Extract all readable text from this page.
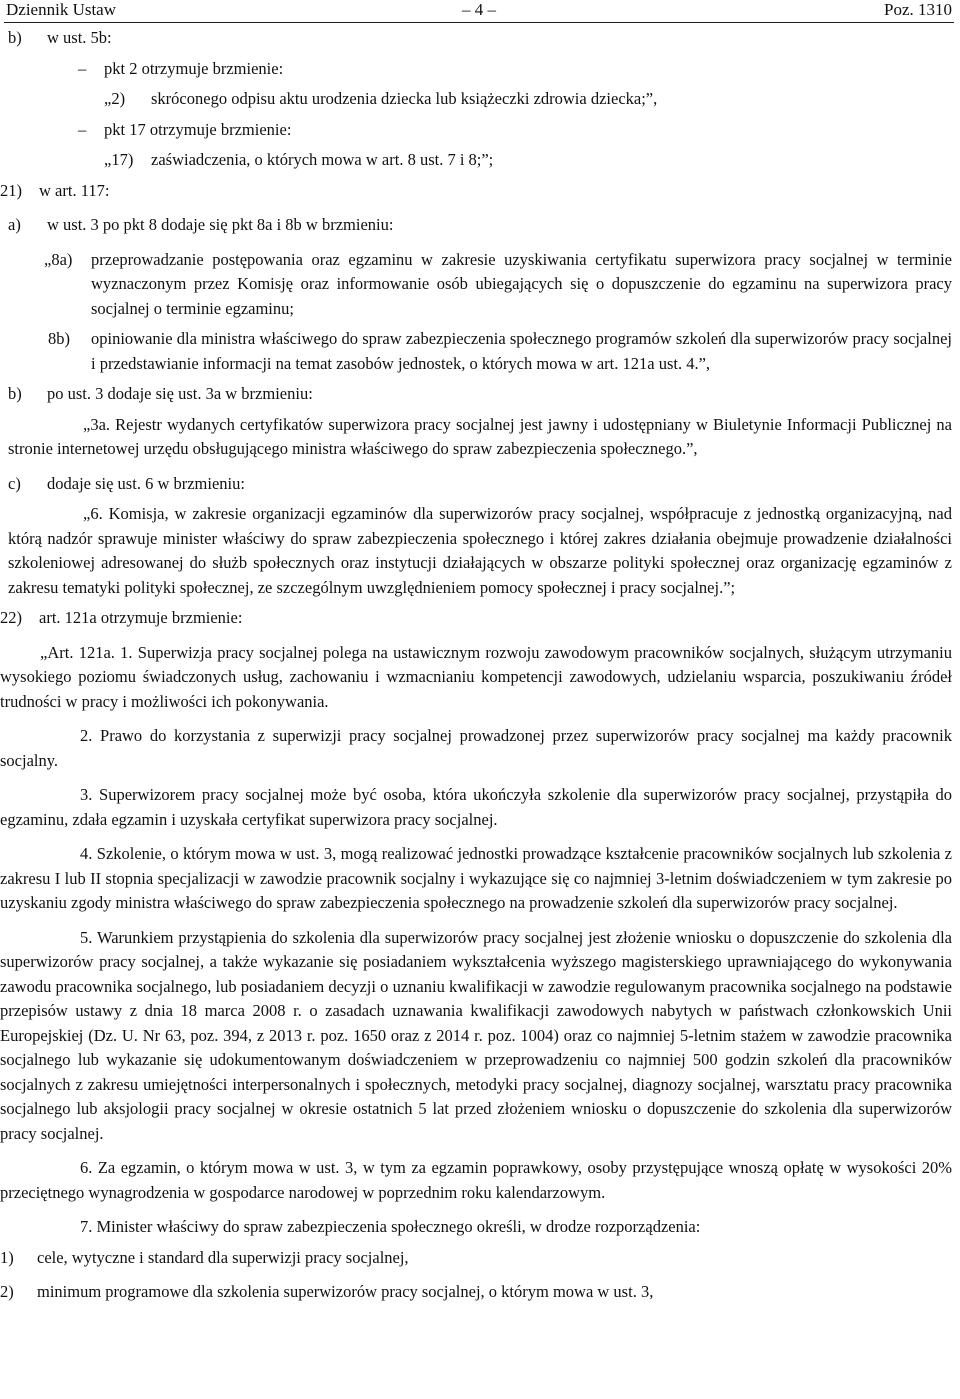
Dziennik Ustaw	– 4 –	Poz. 1310
b) w ust. 5b:
– pkt 2 otrzymuje brzmienie:
„2) skróconego odpisu aktu urodzenia dziecka lub książeczki zdrowia dziecka;”,
– pkt 17 otrzymuje brzmienie:
„17) zaświadczenia, o których mowa w art. 8 ust. 7 i 8;”;
21) w art. 117:
a) w ust. 3 po pkt 8 dodaje się pkt 8a i 8b w brzmieniu:
„8a) przeprowadzanie postępowania oraz egzaminu w zakresie uzyskiwania certyfikatu superwizora pracy socjalnej w terminie wyznaczonym przez Komisję oraz informowanie osób ubiegających się o dopuszczenie do egzaminu na superwizora pracy socjalnej o terminie egzaminu;
8b) opiniowanie dla ministra właściwego do spraw zabezpieczenia społecznego programów szkoleń dla superwizorów pracy socjalnej i przedstawianie informacji na temat zasobów jednostek, o których mowa w art. 121a ust. 4.”,
b) po ust. 3 dodaje się ust. 3a w brzmieniu:

„3a. Rejestr wydanych certyfikatów superwizora pracy socjalnej jest jawny i udostępniany w Biuletynie Informacji Publicznej na stronie internetowej urzędu obsługującego ministra właściwego do spraw zabezpieczenia społecznego.”,

c) dodaje się ust. 6 w brzmieniu:

„6. Komisja, w zakresie organizacji egzaminów dla superwizorów pracy socjalnej, współpracuje z jednostką organizacyjną, nad którą nadzór sprawuje minister właściwy do spraw zabezpieczenia społecznego i której zakres działania obejmuje prowadzenie działalności szkoleniowej adresowanej do służb społecznych oraz instytucji działających w obszarze polityki społecznej oraz organizację egzaminów z zakresu tematyki polityki społecznej, ze szczególnym uwzględnieniem pomocy społecznej i pracy socjalnej.”;

22) art. 121a otrzymuje brzmienie:

„Art. 121a. 1. Superwizja pracy socjalnej polega na ustawicznym rozwoju zawodowym pracowników socjalnych, służącym utrzymaniu wysokiego poziomu świadczonych usług, zachowaniu i wzmacnianiu kompetencji zawodowych, udzielaniu wsparcia, poszukiwaniu źródeł trudności w pracy i możliwości ich pokonywania.

2. Prawo do korzystania z superwizji pracy socjalnej prowadzonej przez superwizorów pracy socjalnej ma każdy pracownik socjalny.

3. Superwizorem pracy socjalnej może być osoba, która ukończyła szkolenie dla superwizorów pracy socjalnej, przystąpiła do egzaminu, zdała egzamin i uzyskała certyfikat superwizora pracy socjalnej.

4. Szkolenie, o którym mowa w ust. 3, mogą realizować jednostki prowadzące kształcenie pracowników socjalnych lub szkolenia z zakresu I lub II stopnia specjalizacji w zawodzie pracownik socjalny i wykazujące się co najmniej 3-letnim doświadczeniem w tym zakresie po uzyskaniu zgody ministra właściwego do spraw zabezpieczenia społecznego na prowadzenie szkoleń dla superwizorów pracy socjalnej.

5. Warunkiem przystąpienia do szkolenia dla superwizorów pracy socjalnej jest złożenie wniosku o dopuszczenie do szkolenia dla superwizorów pracy socjalnej, a także wykazanie się posiadaniem wykształcenia wyższego magisterskiego uprawniającego do wykonywania zawodu pracownika socjalnego, lub posiadaniem decyzji o uznaniu kwalifikacji w zawodzie regulowanym pracownika socjalnego na podstawie przepisów ustawy z dnia 18 marca 2008 r. o zasadach uznawania kwalifikacji zawodowych nabytych w państwach członkowskich Unii Europejskiej (Dz. U. Nr 63, poz. 394, z 2013 r. poz. 1650 oraz z 2014 r. poz. 1004) oraz co najmniej 5-letnim stażem w zawodzie pracownika socjalnego lub wykazanie się udokumentowanym doświadczeniem w przeprowadzeniu co najmniej 500 godzin szkoleń dla pracowników socjalnych z zakresu umiejętności interpersonalnych i społecznych, metodyki pracy socjalnej, diagnozy socjalnej, warsztatu pracy pracownika socjalnego lub aksjologii pracy socjalnej w okresie ostatnich 5 lat przed złożeniem wniosku o dopuszczenie do szkolenia dla superwizorów pracy socjalnej.

6. Za egzamin, o którym mowa w ust. 3, w tym za egzamin poprawkowy, osoby przystępujące wnoszą opłatę w wysokości 20% przeciętnego wynagrodzenia w gospodarce narodowej w poprzednim roku kalendarzowym.

7. Minister właściwy do spraw zabezpieczenia społecznego określi, w drodze rozporządzenia:

1) cele, wytyczne i standard dla superwizji pracy socjalnej,
2) minimum programowe dla szkolenia superwizorów pracy socjalnej, o którym mowa w ust. 3,
